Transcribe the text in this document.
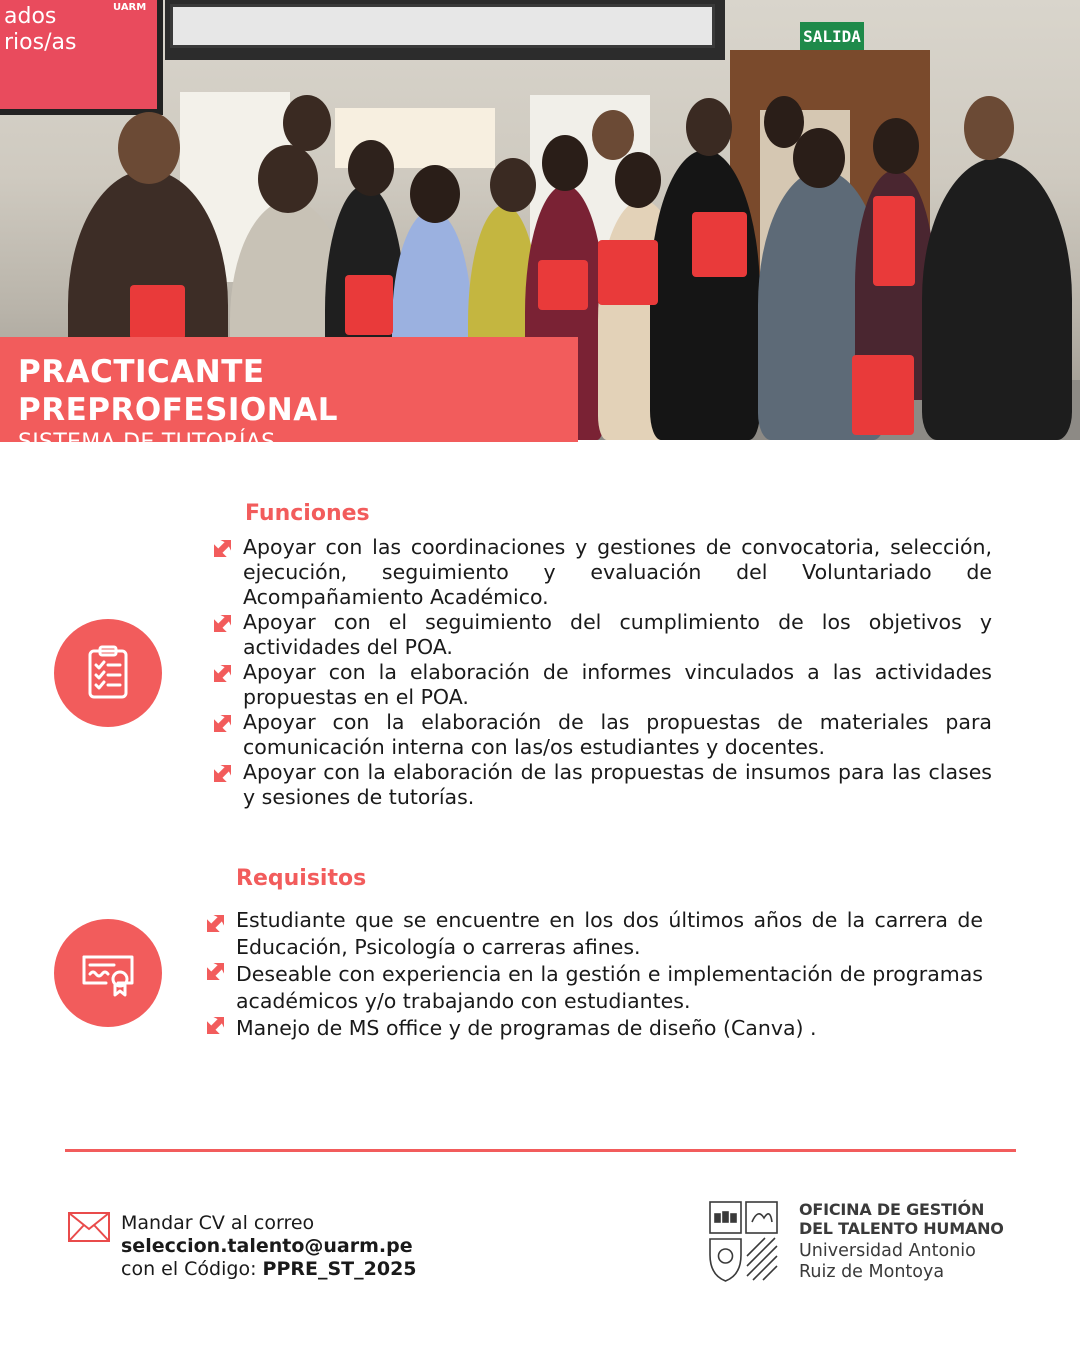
ados
rios/as
UARM
SALIDA
PRACTICANTE PREPROFESIONAL
SISTEMA DE TUTORÍAS
Funciones
Apoyar con las coordinaciones y gestiones de convocatoria, selección, ejecución, seguimiento y evaluación del Voluntariado de Acompañamiento Académico.
Apoyar con el seguimiento del cumplimiento de los objetivos y actividades del POA.
Apoyar con la elaboración de informes vinculados a las actividades propuestas en el POA.
Apoyar con la elaboración de las propuestas de materiales para comunicación interna con las/os estudiantes y docentes.
Apoyar con la elaboración de las propuestas de insumos para las clases y sesiones de tutorías.
Requisitos
Estudiante que se encuentre en los dos últimos años de la carrera de Educación, Psicología o carreras afines.
Deseable con experiencia en la gestión e implementación de programas académicos y/o trabajando con estudiantes.
Manejo de MS office y de programas de diseño (Canva) .
Mandar CV al correo
seleccion.talento@uarm.pe
con el Código: PPRE_ST_2025
OFICINA DE GESTIÓN
DEL TALENTO HUMANO
Universidad Antonio
Ruiz de Montoya
